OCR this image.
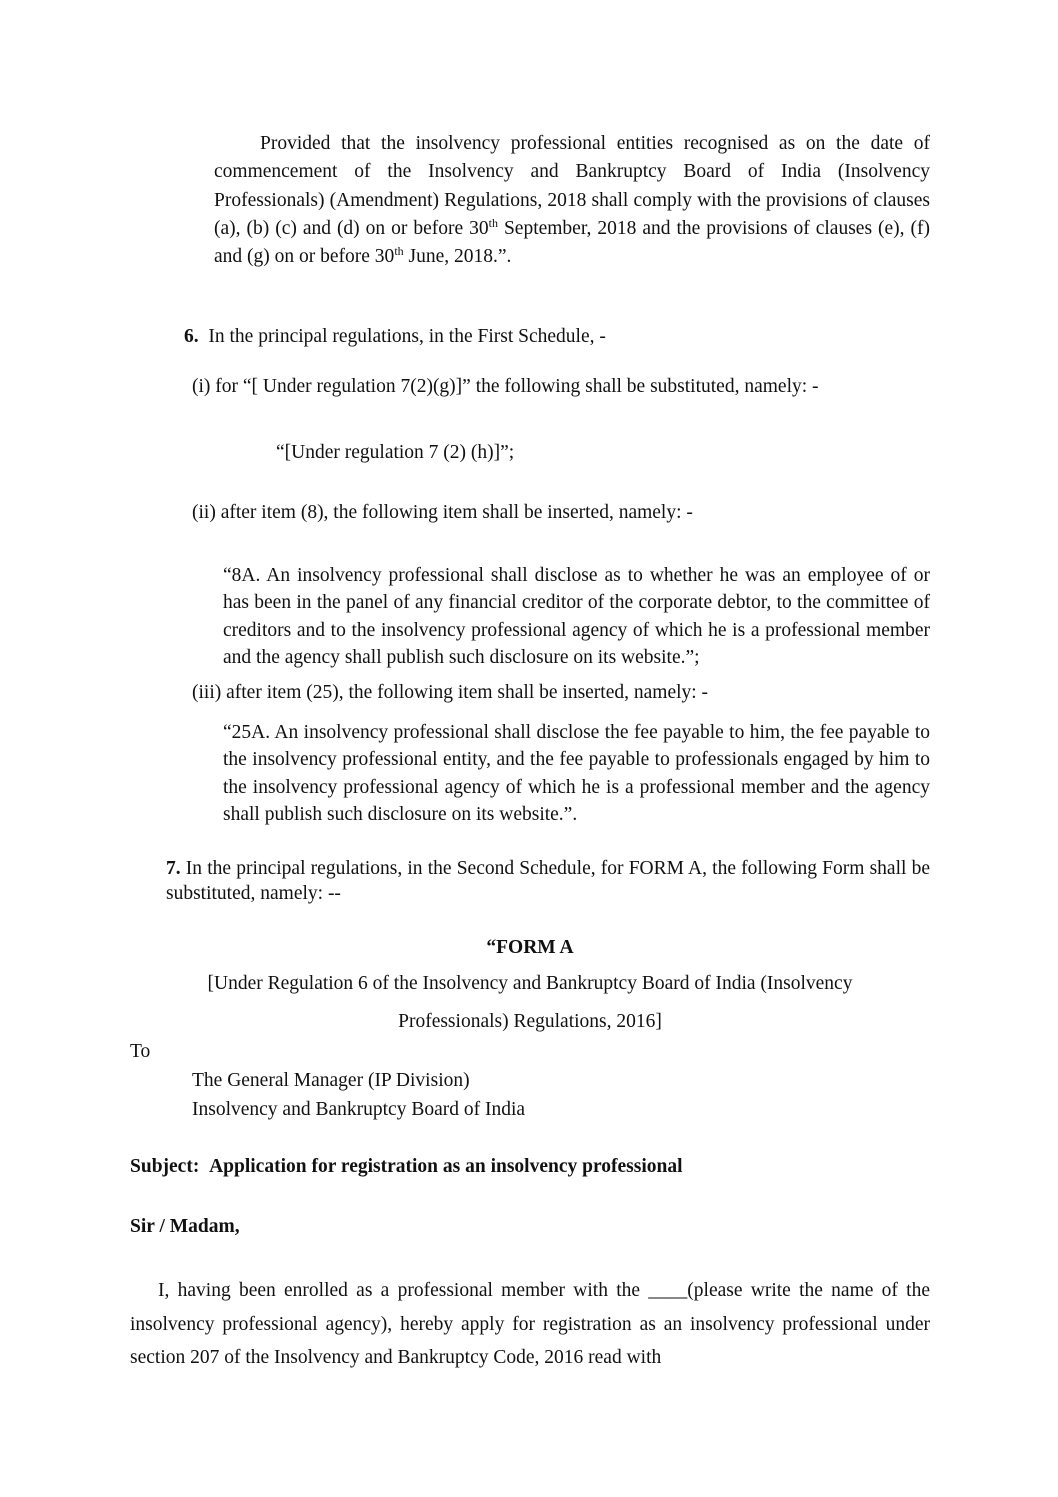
Provided that the insolvency professional entities recognised as on the date of commencement of the Insolvency and Bankruptcy Board of India (Insolvency Professionals) (Amendment) Regulations, 2018 shall comply with the provisions of clauses (a), (b) (c) and (d) on or before 30th September, 2018 and the provisions of clauses (e), (f) and (g) on or before 30th June, 2018.”.
6. In the principal regulations, in the First Schedule, -
(i) for “[ Under regulation 7(2)(g)]” the following shall be substituted, namely: -
“[Under regulation 7 (2) (h)]”;
(ii) after item (8), the following item shall be inserted, namely: -
“8A. An insolvency professional shall disclose as to whether he was an employee of or has been in the panel of any financial creditor of the corporate debtor, to the committee of creditors and to the insolvency professional agency of which he is a professional member and the agency shall publish such disclosure on its website.”;
(iii) after item (25), the following item shall be inserted, namely: -
“25A. An insolvency professional shall disclose the fee payable to him, the fee payable to the insolvency professional entity, and the fee payable to professionals engaged by him to the insolvency professional agency of which he is a professional member and the agency shall publish such disclosure on its website.”.
7. In the principal regulations, in the Second Schedule, for FORM A, the following Form shall be substituted, namely: --
“FORM A
[Under Regulation 6 of the Insolvency and Bankruptcy Board of India (Insolvency
Professionals) Regulations, 2016]
To
The General Manager (IP Division)
Insolvency and Bankruptcy Board of India
Subject: Application for registration as an insolvency professional
Sir / Madam,
I, having been enrolled as a professional member with the ____(please write the name of the insolvency professional agency), hereby apply for registration as an insolvency professional under section 207 of the Insolvency and Bankruptcy Code, 2016 read with
